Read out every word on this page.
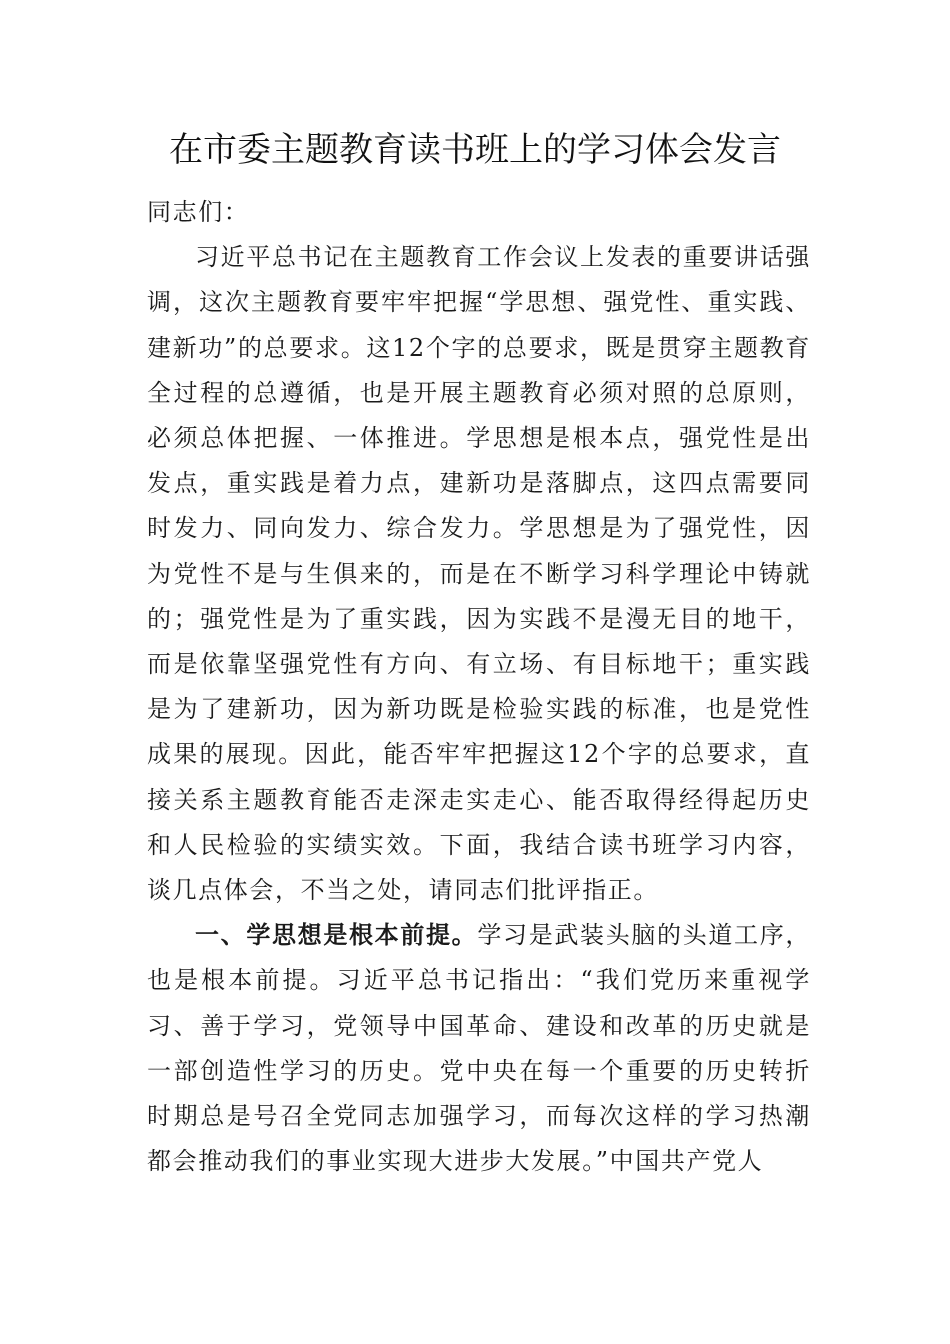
在市委主题教育读书班上的学习体会发言

同志们：

习近平总书记在主题教育工作会议上发表的重要讲话强调，这次主题教育要牢牢把握“学思想、强党性、重实践、建新功”的总要求。这12个字的总要求，既是贯穿主题教育全过程的总遵循，也是开展主题教育必须对照的总原则，必须总体把握、一体推进。学思想是根本点，强党性是出发点，重实践是着力点，建新功是落脚点，这四点需要同时发力、同向发力、综合发力。学思想是为了强党性，因为党性不是与生俱来的，而是在不断学习科学理论中铸就的；强党性是为了重实践，因为实践不是漫无目的地干，而是依靠坚强党性有方向、有立场、有目标地干；重实践是为了建新功，因为新功既是检验实践的标准，也是党性成果的展现。因此，能否牢牢把握这12个字的总要求，直接关系主题教育能否走深走实走心、能否取得经得起历史和人民检验的实绩实效。下面，我结合读书班学习内容，谈几点体会，不当之处，请同志们批评指正。

一、学思想是根本前提。学习是武装头脑的头道工序，也是根本前提。习近平总书记指出：“我们党历来重视学习、善于学习，党领导中国革命、建设和改革的历史就是一部创造性学习的历史。党中央在每一个重要的历史转折时期总是号召全党同志加强学习，而每次这样的学习热潮都会推动我们的事业实现大进步大发展。”中国共产党人
